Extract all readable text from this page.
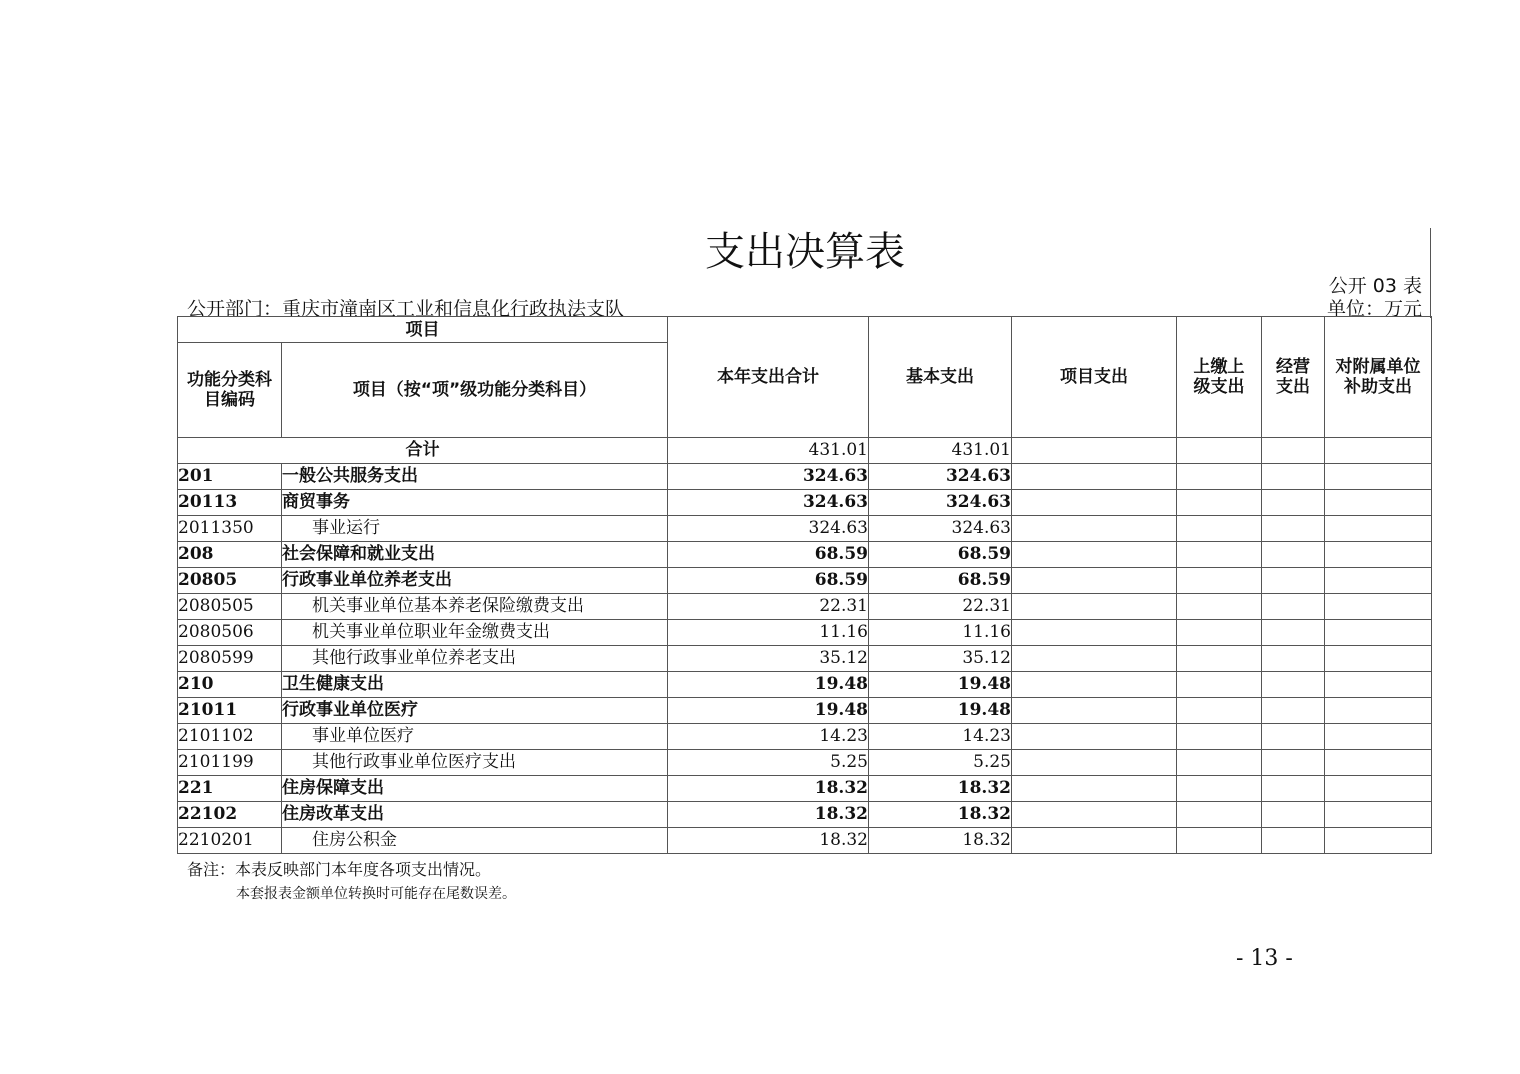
支出决算表
公开 03 表
公开部门：重庆市潼南区工业和信息化行政执法支队	单位：万元
项目		本年支出合计	基本支出	项目支出	上缴上级支出	经营支出	对附属单位补助支出
功能分类科目编码	项目（按“项”级功能分类科目）						
合计		431.01	431.01				
201	一般公共服务支出	324.63	324.63				
20113	商贸事务	324.63	324.63				
2011350	事业运行	324.63	324.63				
208	社会保障和就业支出	68.59	68.59				
20805	行政事业单位养老支出	68.59	68.59				
2080505	机关事业单位基本养老保险缴费支出	22.31	22.31				
2080506	机关事业单位职业年金缴费支出	11.16	11.16				
2080599	其他行政事业单位养老支出	35.12	35.12				
210	卫生健康支出	19.48	19.48				
21011	行政事业单位医疗	19.48	19.48				
2101102	事业单位医疗	14.23	14.23				
2101199	其他行政事业单位医疗支出	5.25	5.25				
221	住房保障支出	18.32	18.32				
22102	住房改革支出	18.32	18.32				
2210201	住房公积金	18.32	18.32				
备注：本表反映部门本年度各项支出情况。
本套报表金额单位转换时可能存在尾数误差。
- 13 -
